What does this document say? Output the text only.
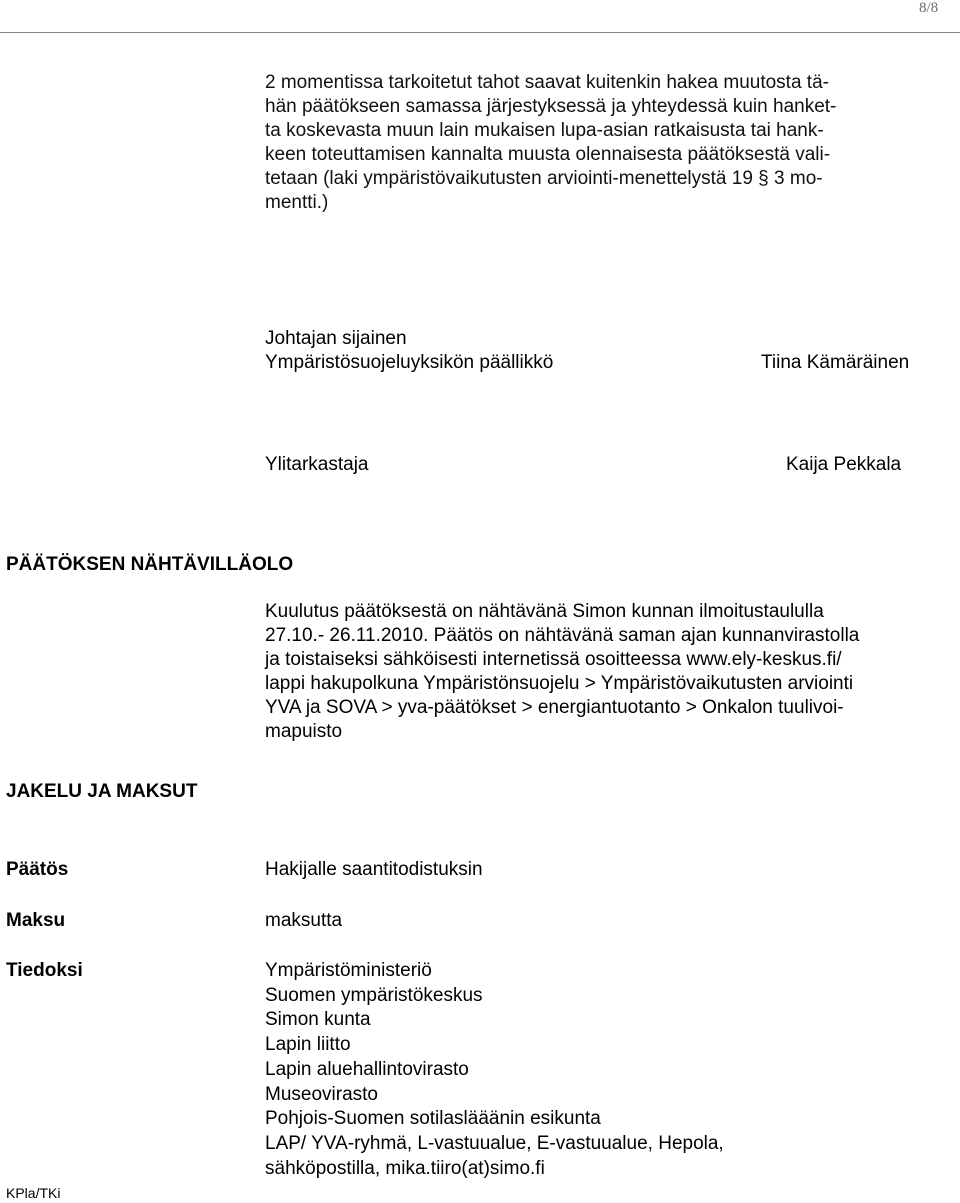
8/8
2 momentissa tarkoitetut tahot saavat kuitenkin hakea muutosta tä-
hän päätökseen samassa järjestyksessä ja yhteydessä kuin hanket-
ta koskevasta muun lain mukaisen lupa-asian ratkaisusta tai hank-
keen toteuttamisen kannalta muusta olennaisesta päätöksestä vali-
tetaan (laki ympäristövaikutusten arviointi-menettelystä 19 § 3 mo-
mentti.)
Johtajan sijainen
Ympäristösuojeluyksikön päällikkö	Tiina Kämäräinen
Ylitarkastaja	Kaija Pekkala
PÄÄTÖKSEN NÄHTÄVILLÄOLO
Kuulutus päätöksestä on nähtävänä Simon kunnan ilmoitustaululla
27.10.- 26.11.2010. Päätös on nähtävänä saman ajan kunnanvirastolla
ja toistaiseksi sähköisesti internetissä osoitteessa www.ely-keskus.fi/
lappi hakupolkuna Ympäristönsuojelu > Ympäristövaikutusten arviointi
YVA ja SOVA > yva-päätökset > energiantuotanto > Onkalon tuulivoi-
mapuisto
JAKELU JA MAKSUT
Päätös	Hakijalle saantitodistuksin
Maksu	maksutta
Tiedoksi	Ympäristöministeriö
Suomen ympäristökeskus
Simon kunta
Lapin liitto
Lapin aluehallintovirasto
Museovirasto
Pohjois-Suomen sotilaslääänin esikunta
LAP/ YVA-ryhmä, L-vastuualue, E-vastuualue, Hepola,
sähköpostilla, mika.tiiro(at)simo.fi
KPla/TKi
